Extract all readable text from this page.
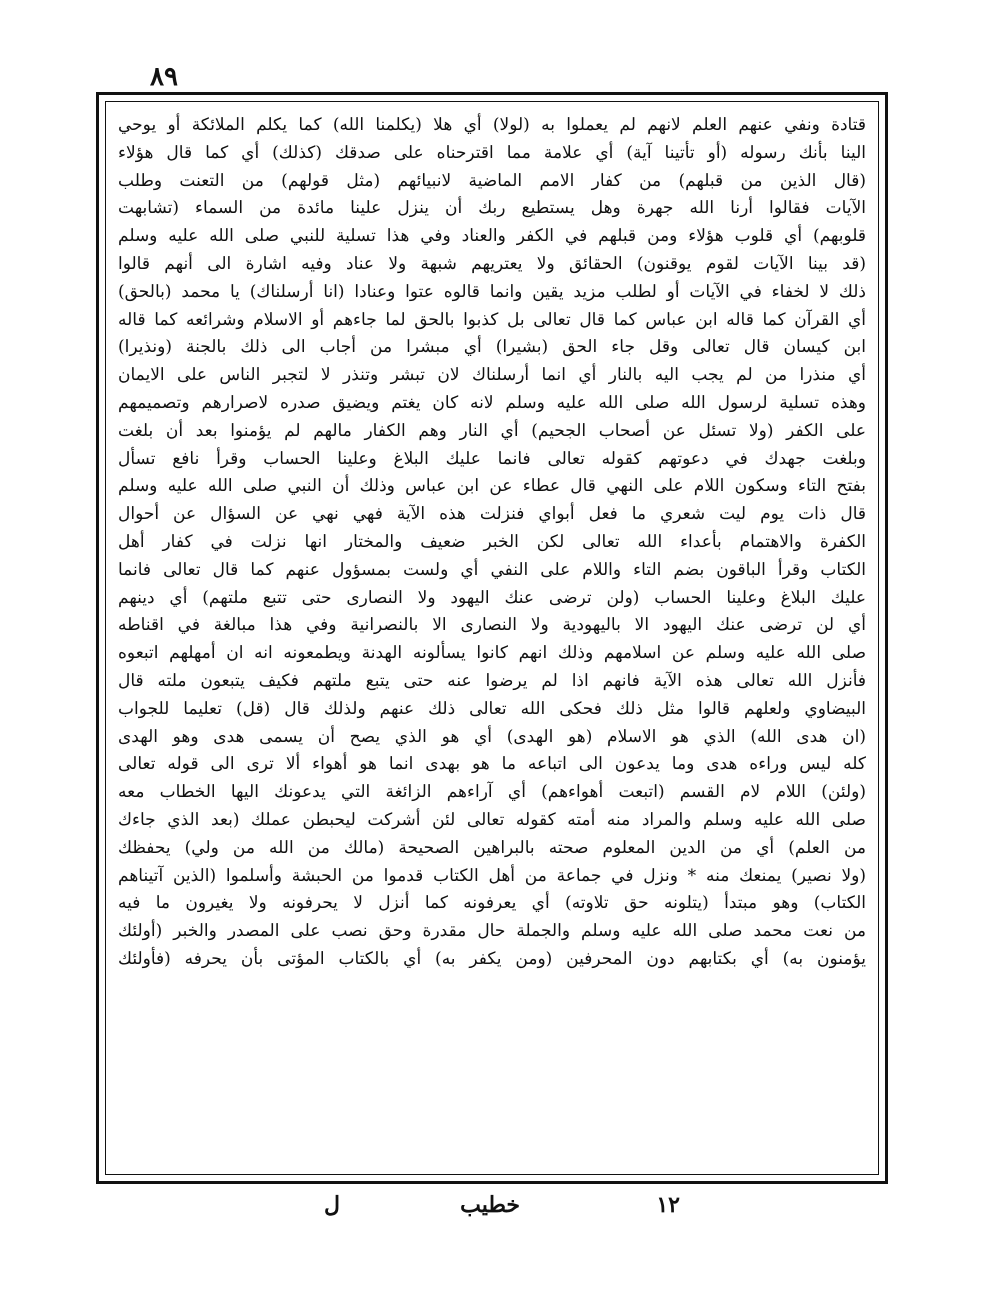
٨٩
قتادة ونفي عنهم العلم لانهم لم يعملوا به (لولا) أي هلا (يكلمنا الله) كما يكلم الملائكة أو يوحي
الينا بأنك رسوله (أو تأتينا آية) أي علامة مما اقترحناه على صدقك (كذلك) أي كما قال هؤلاء
(قال الذين من قبلهم) من كفار الامم الماضية لانبيائهم (مثل قولهم) من التعنت وطلب
الآيات فقالوا أرنا الله جهرة وهل يستطيع ربك أن ينزل علينا مائدة من السماء (تشابهت
قلوبهم) أي قلوب هؤلاء ومن قبلهم في الكفر والعناد وفي هذا تسلية للنبي صلى الله عليه وسلم
(قد بينا الآيات لقوم يوقنون) الحقائق ولا يعتريهم شبهة ولا عناد وفيه اشارة الى أنهم قالوا
ذلك لا لخفاء في الآيات أو لطلب مزيد يقين وانما قالوه عتوا وعنادا (انا أرسلناك) يا محمد (بالحق)
أي القرآن كما قاله ابن عباس كما قال تعالى بل كذبوا بالحق لما جاءهم أو الاسلام وشرائعه كما قاله
ابن كيسان قال تعالى وقل جاء الحق (بشيرا) أي مبشرا من أجاب الى ذلك بالجنة (ونذيرا)
أي منذرا من لم يجب اليه بالنار أي انما أرسلناك لان تبشر وتنذر لا لتجبر الناس على الايمان
وهذه تسلية لرسول الله صلى الله عليه وسلم لانه كان يغتم ويضيق صدره لاصرارهم وتصميمهم
على الكفر (ولا تسئل عن أصحاب الجحيم) أي النار وهم الكفار مالهم لم يؤمنوا بعد أن بلغت
وبلغت جهدك في دعوتهم كقوله تعالى فانما عليك البلاغ وعلينا الحساب وقرأ نافع تسأل
بفتح التاء وسكون اللام على النهي قال عطاء عن ابن عباس وذلك أن النبي صلى الله عليه وسلم
قال ذات يوم ليت شعري ما فعل أبواي فنزلت هذه الآية فهي نهي عن السؤال عن أحوال
الكفرة والاهتمام بأعداء الله تعالى لكن الخبر ضعيف والمختار انها نزلت في كفار أهل
الكتاب وقرأ الباقون بضم التاء واللام على النفي أي ولست بمسؤول عنهم كما قال تعالى فانما
عليك البلاغ وعلينا الحساب (ولن ترضى عنك اليهود ولا النصارى حتى تتبع ملتهم) أي دينهم
أي لن ترضى عنك اليهود الا باليهودية ولا النصارى الا بالنصرانية وفي هذا مبالغة في اقناطه
صلى الله عليه وسلم عن اسلامهم وذلك انهم كانوا يسألونه الهدنة ويطمعونه انه ان أمهلهم اتبعوه
فأنزل الله تعالى هذه الآية فانهم اذا لم يرضوا عنه حتى يتبع ملتهم فكيف يتبعون ملته قال
البيضاوي ولعلهم قالوا مثل ذلك فحكى الله تعالى ذلك عنهم ولذلك قال (قل) تعليما للجواب
(ان هدى الله) الذي هو الاسلام (هو الهدى) أي هو الذي يصح أن يسمى هدى وهو الهدى
كله ليس وراءه هدى وما يدعون الى اتباعه ما هو بهدى انما هو أهواء ألا ترى الى قوله تعالى
(ولئن) اللام لام القسم (اتبعت أهواءهم) أي آراءهم الزائغة التي يدعونك اليها الخطاب معه
صلى الله عليه وسلم والمراد منه أمته كقوله تعالى لئن أشركت ليحبطن عملك (بعد الذي جاءك
من العلم) أي من الدين المعلوم صحته بالبراهين الصحيحة (مالك من الله من ولي) يحفظك
(ولا نصير) يمنعك منه * ونزل في جماعة من أهل الكتاب قدموا من الحبشة وأسلموا (الذين آتيناهم
الكتاب) وهو مبتدأ (يتلونه حق تلاوته) أي يعرفونه كما أنزل لا يحرفونه ولا يغيرون ما فيه
من نعت محمد صلى الله عليه وسلم والجملة حال مقدرة وحق نصب على المصدر والخبر (أولئك
يؤمنون به) أي بكتابهم دون المحرفين (ومن يكفر به) أي بالكتاب المؤتى بأن يحرفه (فأولئك
١٢
خطيب
ل
